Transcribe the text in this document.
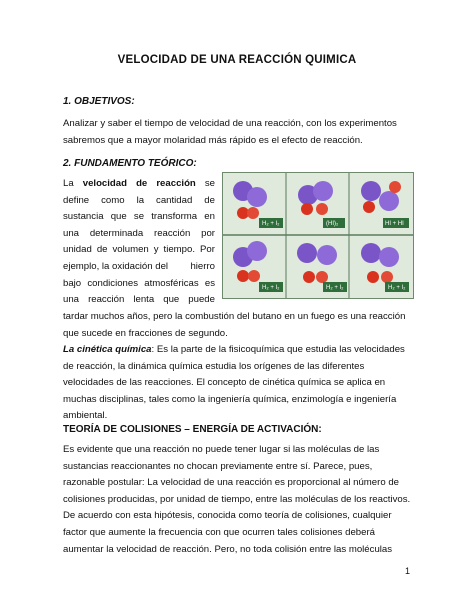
VELOCIDAD DE UNA REACCIÓN QUIMICA
1. OBJETIVOS:
Analizar y saber el tiempo de velocidad de una reacción, con los experimentos
sabremos que a mayor molaridad más rápido es el efecto de reacción.
2. FUNDAMENTO TEÓRICO:
La velocidad de reacción se
define como la cantidad de
sustancia que se transforma en
una determinada reacción por
unidad de volumen y tiempo. Por
ejemplo, la oxidación del hierro
bajo condiciones atmosféricas es
una reacción lenta que puede
H₂ + I₂	(HI)₂	HI + HI
H₂ + I₂	H₂ + I₂	H₂ + I₂
tardar muchos años, pero la combustión del butano en un fuego es una reacción
que sucede en fracciones de segundo.
La cinética química: Es la parte de la fisicoquímica que estudia las velocidades
de reacción, la dinámica química estudia los orígenes de las diferentes
velocidades de las reacciones. El concepto de cinética química se aplica en
muchas disciplinas, tales como la ingeniería química, enzimología e ingeniería
ambiental.
TEORÍA DE COLISIONES – ENERGÍA DE ACTIVACIÓN:
Es evidente que una reacción no puede tener lugar si las moléculas de las
sustancias reaccionantes no chocan previamente entre sí. Parece, pues,
razonable postular: La velocidad de una reacción es proporcional al número de
colisiones producidas, por unidad de tiempo, entre las moléculas de los reactivos.
De acuerdo con esta hipótesis, conocida como teoría de colisiones, cualquier
factor que aumente la frecuencia con que ocurren tales colisiones deberá
aumentar la velocidad de reacción. Pero, no toda colisión entre las moléculas
1
